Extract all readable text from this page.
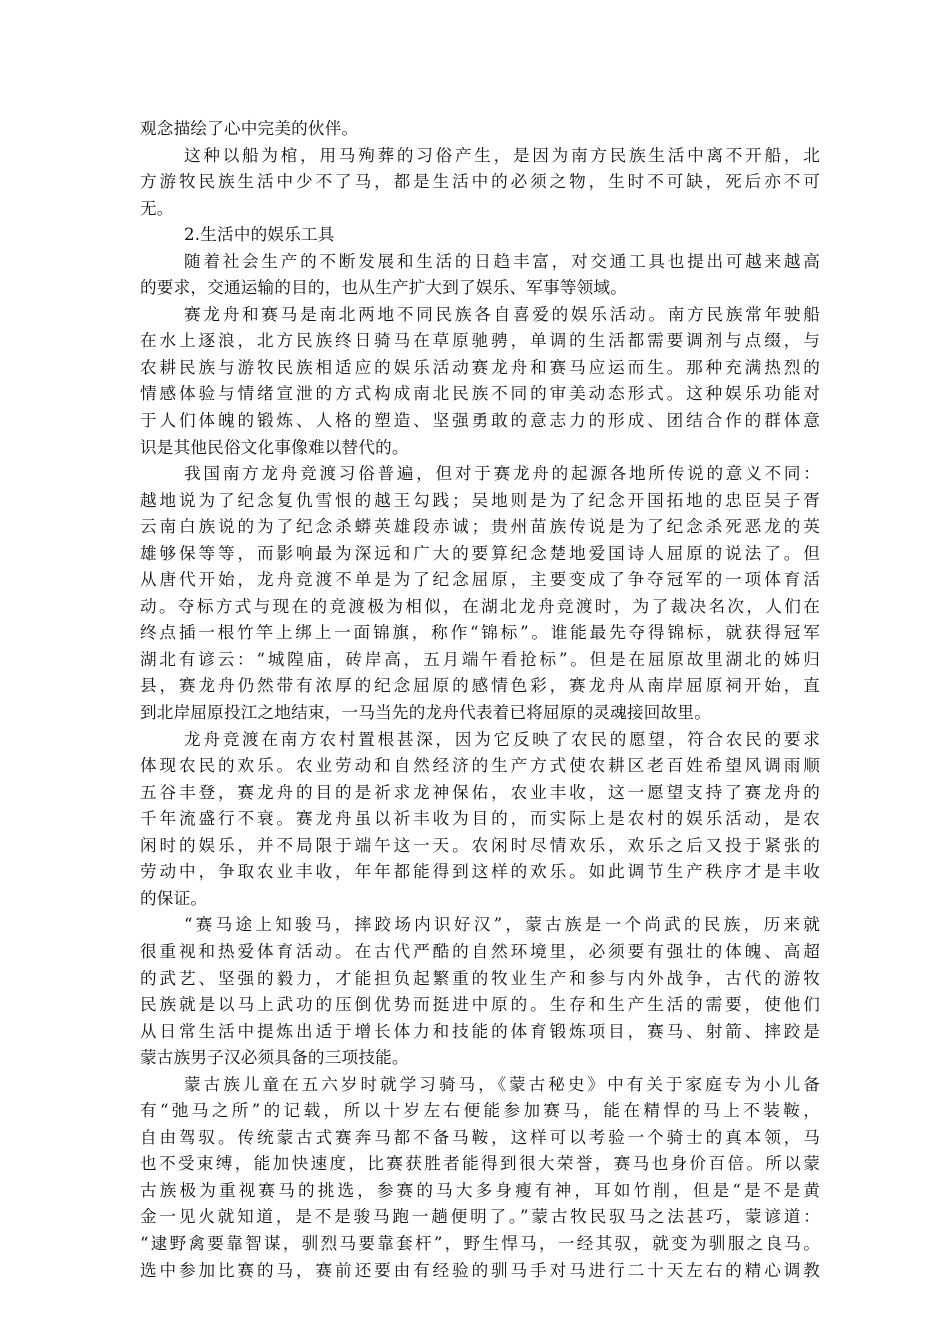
观念描绘了心中完美的伙伴。
这种以船为棺，用马殉葬的习俗产生，是因为南方民族生活中离不开船，北
方游牧民族生活中少不了马，都是生活中的必须之物，生时不可缺，死后亦不可
无。
2.生活中的娱乐工具
随着社会生产的不断发展和生活的日趋丰富，对交通工具也提出可越来越高
的要求，交通运输的目的，也从生产扩大到了娱乐、军事等领域。
赛龙舟和赛马是南北两地不同民族各自喜爱的娱乐活动。南方民族常年驶船
在水上逐浪，北方民族终日骑马在草原驰骋，单调的生活都需要调剂与点缀，与
农耕民族与游牧民族相适应的娱乐活动赛龙舟和赛马应运而生。那种充满热烈的
情感体验与情绪宣泄的方式构成南北民族不同的审美动态形式。这种娱乐功能对
于人们体魄的锻炼、人格的塑造、坚强勇敢的意志力的形成、团结合作的群体意
识是其他民俗文化事像难以替代的。
我国南方龙舟竞渡习俗普遍，但对于赛龙舟的起源各地所传说的意义不同：
越地说为了纪念复仇雪恨的越王勾践；吴地则是为了纪念开国拓地的忠臣吴子胥
云南白族说的为了纪念杀蟒英雄段赤诚；贵州苗族传说是为了纪念杀死恶龙的英
雄够保等等，而影响最为深远和广大的要算纪念楚地爱国诗人屈原的说法了。但
从唐代开始，龙舟竞渡不单是为了纪念屈原，主要变成了争夺冠军的一项体育活
动。夺标方式与现在的竞渡极为相似，在湖北龙舟竞渡时，为了裁决名次，人们在
终点插一根竹竿上绑上一面锦旗，称作“锦标”。谁能最先夺得锦标，就获得冠军
湖北有谚云：“城隍庙，砖岸高，五月端午看抢标”。但是在屈原故里湖北的姊归
县，赛龙舟仍然带有浓厚的纪念屈原的感情色彩，赛龙舟从南岸屈原祠开始，直
到北岸屈原投江之地结束，一马当先的龙舟代表着已将屈原的灵魂接回故里。
龙舟竞渡在南方农村置根甚深，因为它反映了农民的愿望，符合农民的要求
体现农民的欢乐。农业劳动和自然经济的生产方式使农耕区老百姓希望风调雨顺
五谷丰登，赛龙舟的目的是祈求龙神保佑，农业丰收，这一愿望支持了赛龙舟的
千年流盛行不衰。赛龙舟虽以祈丰收为目的，而实际上是农村的娱乐活动，是农
闲时的娱乐，并不局限于端午这一天。农闲时尽情欢乐，欢乐之后又投于紧张的
劳动中，争取农业丰收，年年都能得到这样的欢乐。如此调节生产秩序才是丰收
的保证。
“赛马途上知骏马，摔跤场内识好汉”，蒙古族是一个尚武的民族，历来就
很重视和热爱体育活动。在古代严酷的自然环境里，必须要有强壮的体魄、高超
的武艺、坚强的毅力，才能担负起繁重的牧业生产和参与内外战争，古代的游牧
民族就是以马上武功的压倒优势而挺进中原的。生存和生产生活的需要，使他们
从日常生活中提炼出适于增长体力和技能的体育锻炼项目，赛马、射箭、摔跤是
蒙古族男子汉必须具备的三项技能。
蒙古族儿童在五六岁时就学习骑马，《蒙古秘史》中有关于家庭专为小儿备
有“弛马之所”的记载，所以十岁左右便能参加赛马，能在精悍的马上不装鞍，
自由驾驭。传统蒙古式赛奔马都不备马鞍，这样可以考验一个骑士的真本领，马
也不受束缚，能加快速度，比赛获胜者能得到很大荣誉，赛马也身价百倍。所以蒙
古族极为重视赛马的挑选，参赛的马大多身瘦有神，耳如竹削，但是“是不是黄
金一见火就知道，是不是骏马跑一趟便明了。”蒙古牧民驭马之法甚巧，蒙谚道：
“逮野禽要靠智谋，驯烈马要靠套杆”，野生悍马，一经其驭，就变为驯服之良马。
选中参加比赛的马，赛前还要由有经验的驯马手对马进行二十天左右的精心调教
